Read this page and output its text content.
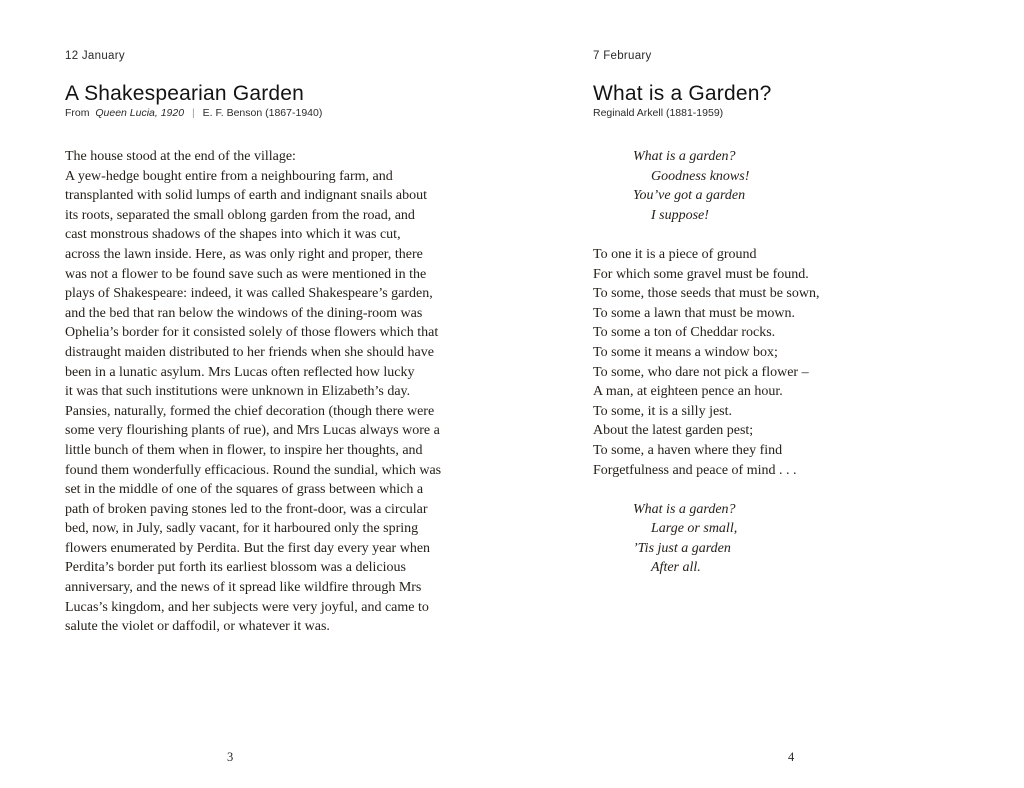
12 January
A Shakespearian Garden
From Queen Lucia, 1920 | E. F. Benson (1867-1940)
The house stood at the end of the village:
A yew-hedge bought entire from a neighbouring farm, and
transplanted with solid lumps of earth and indignant snails about
its roots, separated the small oblong garden from the road, and
cast monstrous shadows of the shapes into which it was cut,
across the lawn inside. Here, as was only right and proper, there
was not a flower to be found save such as were mentioned in the
plays of Shakespeare: indeed, it was called Shakespeare’s garden,
and the bed that ran below the windows of the dining-room was
Ophelia’s border for it consisted solely of those flowers which that
distraught maiden distributed to her friends when she should have
been in a lunatic asylum. Mrs Lucas often reflected how lucky
it was that such institutions were unknown in Elizabeth’s day.
Pansies, naturally, formed the chief decoration (though there were
some very flourishing plants of rue), and Mrs Lucas always wore a
little bunch of them when in flower, to inspire her thoughts, and
found them wonderfully efficacious. Round the sundial, which was
set in the middle of one of the squares of grass between which a
path of broken paving stones led to the front-door, was a circular
bed, now, in July, sadly vacant, for it harboured only the spring
flowers enumerated by Perdita. But the first day every year when
Perdita’s border put forth its earliest blossom was a delicious
anniversary, and the news of it spread like wildfire through Mrs
Lucas’s kingdom, and her subjects were very joyful, and came to
salute the violet or daffodil, or whatever it was.
7 February
What is a Garden?
Reginald Arkell (1881-1959)
What is a garden?
Goodness knows!
You’ve got a garden
I suppose!
To one it is a piece of ground
For which some gravel must be found.
To some, those seeds that must be sown,
To some a lawn that must be mown.
To some a ton of Cheddar rocks.
To some it means a window box;
To some, who dare not pick a flower –
A man, at eighteen pence an hour.
To some, it is a silly jest.
About the latest garden pest;
To some, a haven where they find
Forgetfulness and peace of mind . . .
What is a garden?
Large or small,
’Tis just a garden
After all.
3	4
